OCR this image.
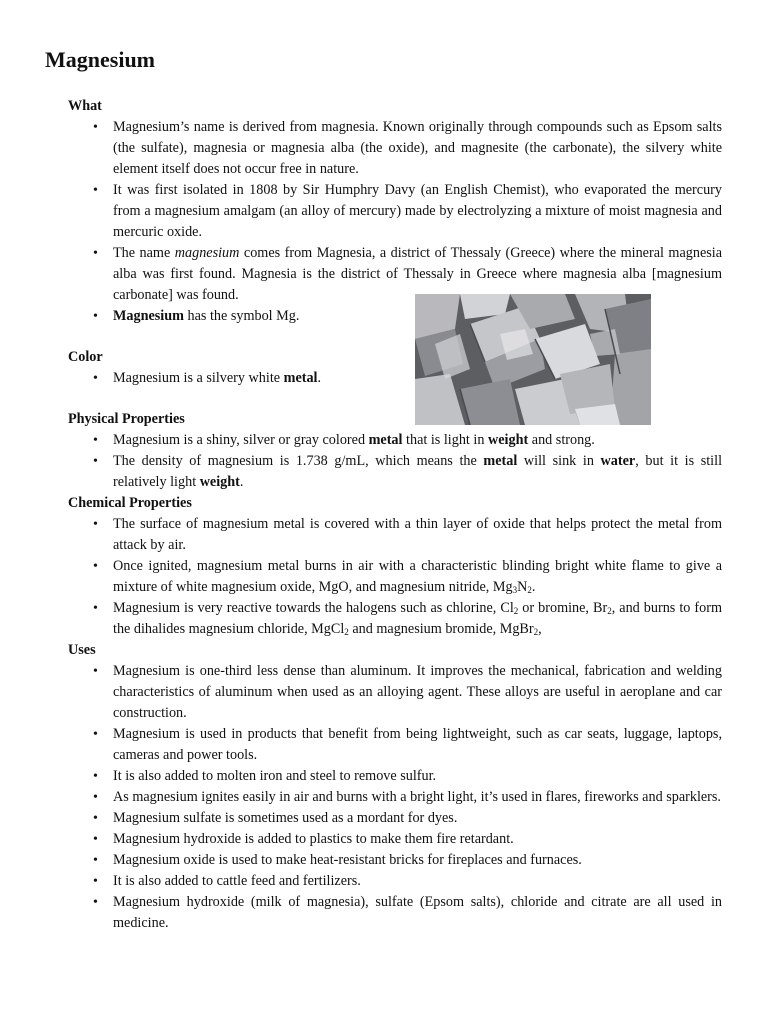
Magnesium
What
• Magnesium’s name is derived from magnesia. Known originally through compounds such as Epsom salts (the sulfate), magnesia or magnesia alba (the oxide), and magnesite (the carbonate), the silvery white element itself does not occur free in nature.
• It was first isolated in 1808 by Sir Humphry Davy (an English Chemist), who evaporated the mercury from a magnesium amalgam (an alloy of mercury) made by electrolyzing a mixture of moist magnesia and mercuric oxide.
• The name magnesium comes from Magnesia, a district of Thessaly (Greece) where the mineral magnesia alba was first found. Magnesia is the district of Thessaly in Greece where magnesia alba [magnesium carbonate] was found.
• Magnesium has the symbol Mg.
Color
• Magnesium is a silvery white metal.
Physical Properties
• Magnesium is a shiny, silver or gray colored metal that is light in weight and strong.
• The density of magnesium is 1.738 g/mL, which means the metal will sink in water, but it is still relatively light weight.
Chemical Properties
• The surface of magnesium metal is covered with a thin layer of oxide that helps protect the metal from attack by air.
• Once ignited, magnesium metal burns in air with a characteristic blinding bright white flame to give a mixture of white magnesium oxide, MgO, and magnesium nitride, $Mg_3N_2$.
• Magnesium is very reactive towards the halogens such as chlorine, $Cl_2$ or bromine, $Br_2$, and burns to form the dihalides magnesium chloride, MgCl$_2$ and magnesium bromide, MgBr$_2$,
Uses
• Magnesium is one-third less dense than aluminum. It improves the mechanical, fabrication and welding characteristics of aluminum when used as an alloying agent. These alloys are useful in aeroplane and car construction.
• Magnesium is used in products that benefit from being lightweight, such as car seats, luggage, laptops, cameras and power tools.
• It is also added to molten iron and steel to remove sulfur.
• As magnesium ignites easily in air and burns with a bright light, it’s used in flares, fireworks and sparklers.
• Magnesium sulfate is sometimes used as a mordant for dyes.
• Magnesium hydroxide is added to plastics to make them fire retardant.
• Magnesium oxide is used to make heat-resistant bricks for fireplaces and furnaces.
• It is also added to cattle feed and fertilizers.
• Magnesium hydroxide (milk of magnesia), sulfate (Epsom salts), chloride and citrate are all used in medicine.
